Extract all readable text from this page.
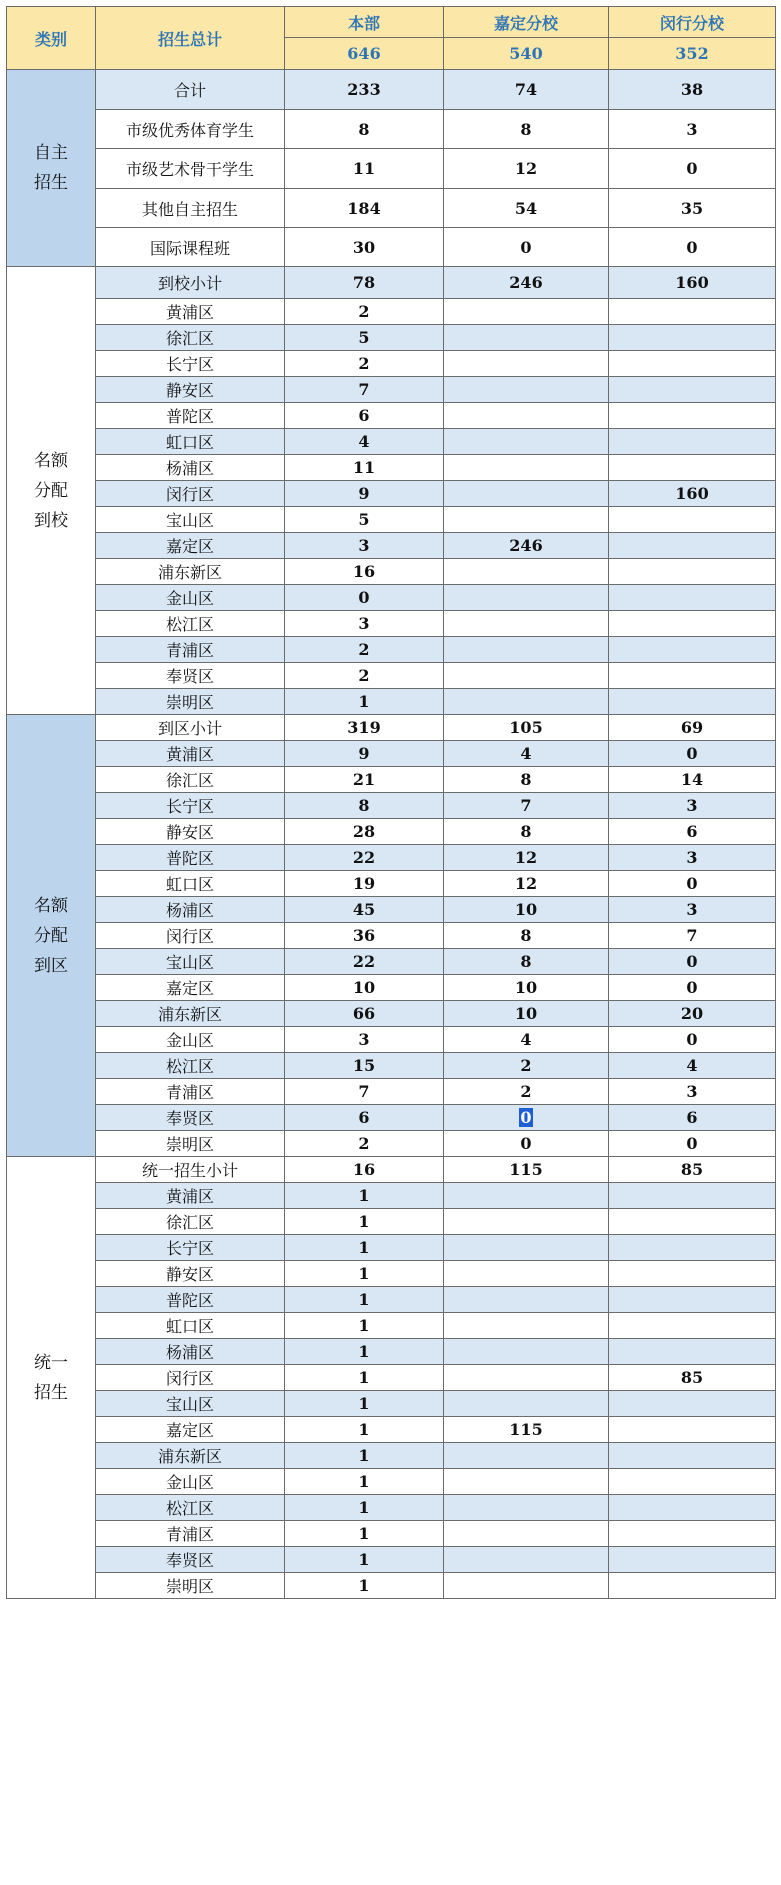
类别	招生总计	本部	嘉定分校	闵行分校
		646	540	352

自主
招生	合计	233	74	38
	市级优秀体育学生	8	8	3
	市级艺术骨干学生	11	12	0
	其他自主招生	184	54	35
	国际课程班	30	0	0

名额
分配
到校	到校小计	78	246	160
	黄浦区	2		
	徐汇区	5		
	长宁区	2		
	静安区	7		
	普陀区	6		
	虹口区	4		
	杨浦区	11		
	闵行区	9		160
	宝山区	5		
	嘉定区	3	246	
	浦东新区	16		
	金山区	0		
	松江区	3		
	青浦区	2		
	奉贤区	2		
	崇明区	1		

名额
分配
到区	到区小计	319	105	69
	黄浦区	9	4	0
	徐汇区	21	8	14
	长宁区	8	7	3
	静安区	28	8	6
	普陀区	22	12	3
	虹口区	19	12	0
	杨浦区	45	10	3
	闵行区	36	8	7
	宝山区	22	8	0
	嘉定区	10	10	0
	浦东新区	66	10	20
	金山区	3	4	0
	松江区	15	2	4
	青浦区	7	2	3
	奉贤区	6	0	6
	崇明区	2	0	0

统一
招生	统一招生小计	16	115	85
	黄浦区	1		
	徐汇区	1		
	长宁区	1		
	静安区	1		
	普陀区	1		
	虹口区	1		
	杨浦区	1		
	闵行区	1		85
	宝山区	1		
	嘉定区	1	115	
	浦东新区	1		
	金山区	1		
	松江区	1		
	青浦区	1		
	奉贤区	1		
	崇明区	1		
